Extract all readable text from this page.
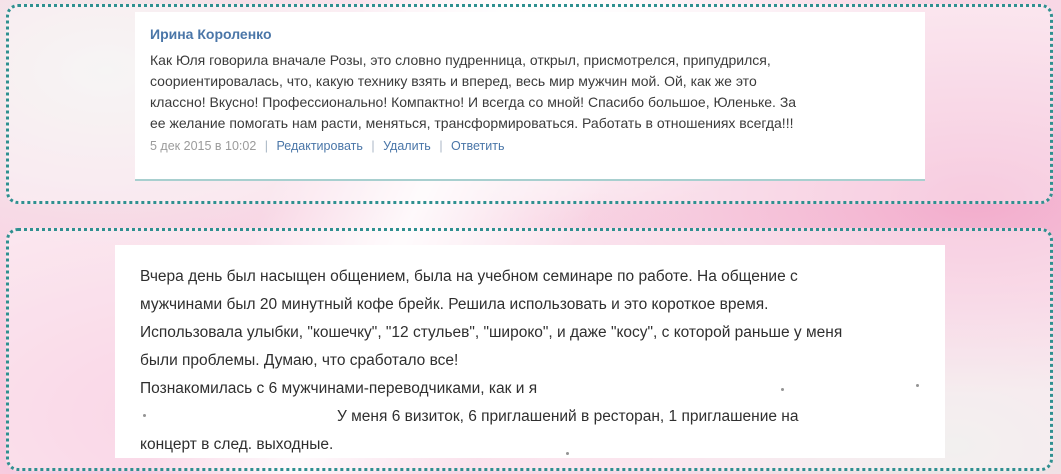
Ирина Короленко
Как Юля говорила вначале Розы, это словно пудренница, открыл, присмотрелся, припудрился,
соориентировалась, что, какую технику взять и вперед, весь мир мужчин мой. Ой, как же это
классно! Вкусно! Профессионально! Компактно! И всегда со мной! Спасибо большое, Юленьке. За
ее желание помогать нам расти, меняться, трансформироваться. Работать в отношениях всегда!!!
5 дек 2015 в 10:02 | Редактировать | Удалить | Ответить
Вчера день был насыщен общением, была на учебном семинаре по работе. На общение с
мужчинами был 20 минутный кофе брейк. Решила использовать и это короткое время.
Использовала улыбки, "кошечку", "12 стульев", "широко", и даже "косу", с которой раньше у меня
были проблемы. Думаю, что сработало все!
Познакомилась с 6 мужчинами-переводчиками, как и я
У меня 6 визиток, 6 приглашений в ресторан, 1 приглашение на
концерт в след. выходные.
